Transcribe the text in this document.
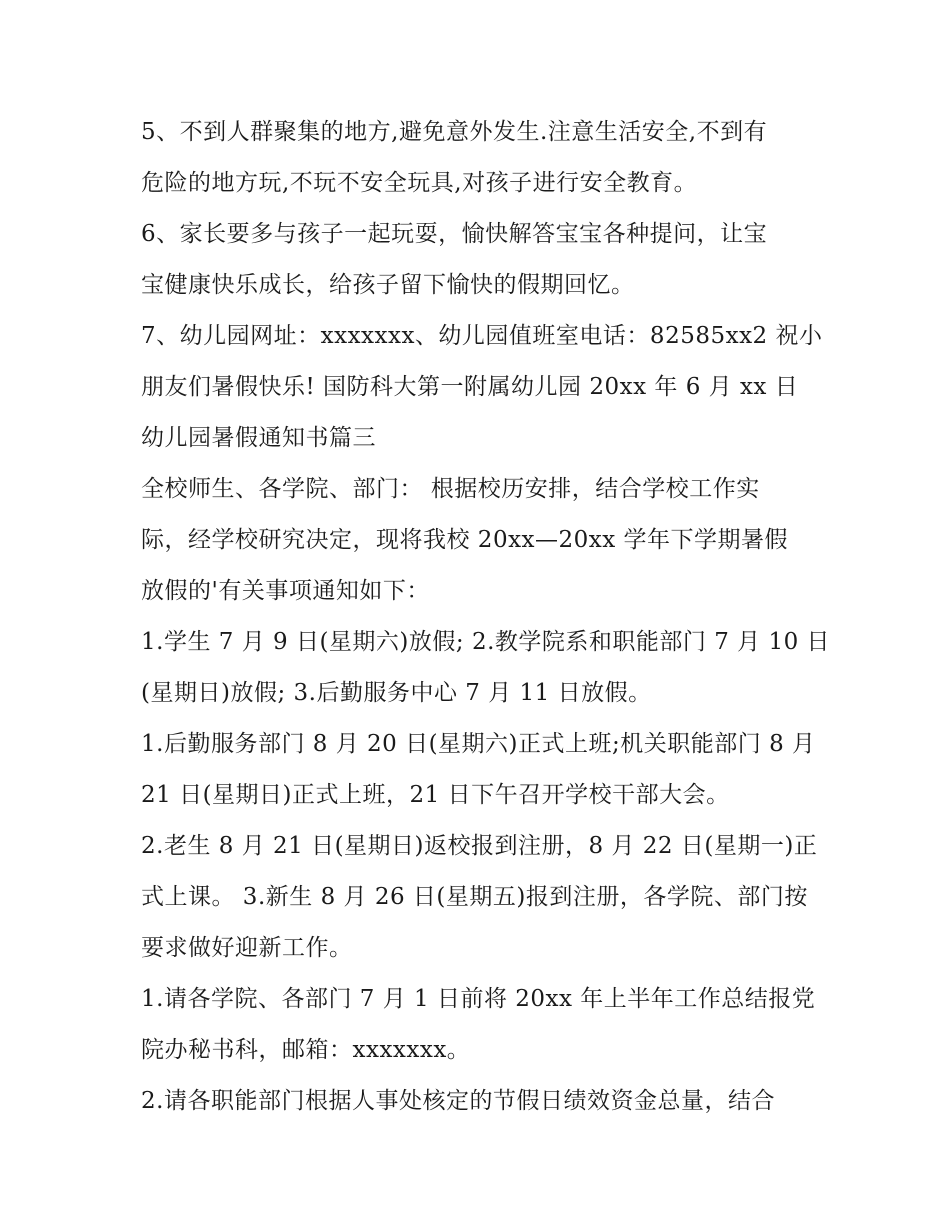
5、不到人群聚集的地方,避免意外发生.注意生活安全,不到有
危险的地方玩,不玩不安全玩具,对孩子进行安全教育。
6、家长要多与孩子一起玩耍，愉快解答宝宝各种提问，让宝
宝健康快乐成长，给孩子留下愉快的假期回忆。
7、幼儿园网址：xxxxxxx、幼儿园值班室电话：82585xx2 祝小
朋友们暑假快乐! 国防科大第一附属幼儿园 20xx 年 6 月 xx 日
幼儿园暑假通知书篇三
全校师生、各学院、部门： 根据校历安排，结合学校工作实
际，经学校研究决定，现将我校 20xx—20xx 学年下学期暑假
放假的'有关事项通知如下：
1.学生 7 月 9 日(星期六)放假; 2.教学院系和职能部门 7 月 10 日
(星期日)放假; 3.后勤服务中心 7 月 11 日放假。
1.后勤服务部门 8 月 20 日(星期六)正式上班;机关职能部门 8 月
21 日(星期日)正式上班，21 日下午召开学校干部大会。
2.老生 8 月 21 日(星期日)返校报到注册，8 月 22 日(星期一)正
式上课。 3.新生 8 月 26 日(星期五)报到注册，各学院、部门按
要求做好迎新工作。
1.请各学院、各部门 7 月 1 日前将 20xx 年上半年工作总结报党
院办秘书科，邮箱：xxxxxxx。
2.请各职能部门根据人事处核定的节假日绩效资金总量，结合
